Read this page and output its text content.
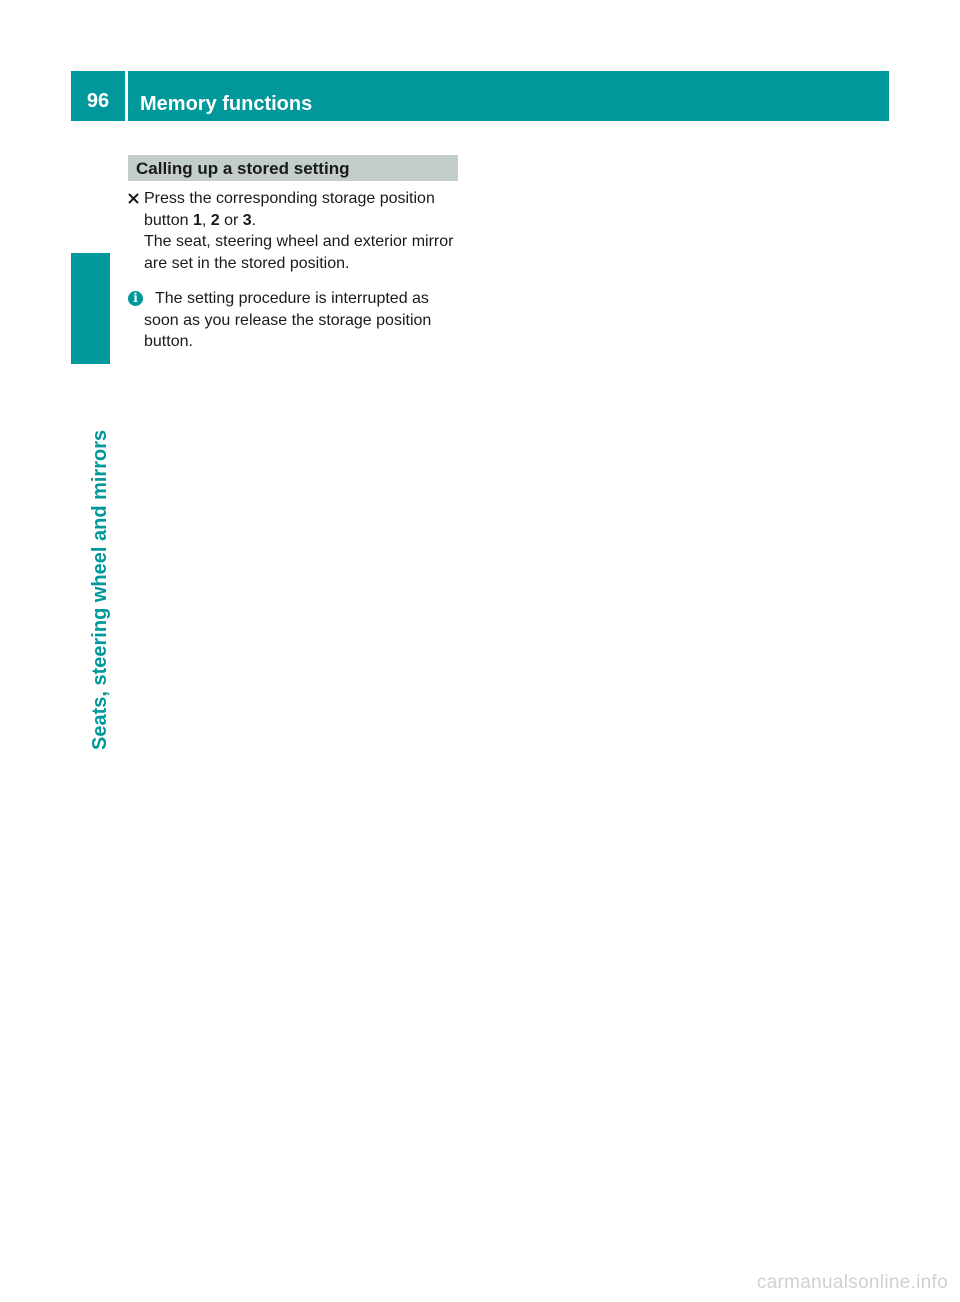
96	Memory functions
Seats, steering wheel and mirrors
Calling up a stored setting
Press the corresponding storage position button 1, 2 or 3.
The seat, steering wheel and exterior mirror are set in the stored position.
i	The setting procedure is interrupted as soon as you release the storage position button.
carmanualsonline.info
